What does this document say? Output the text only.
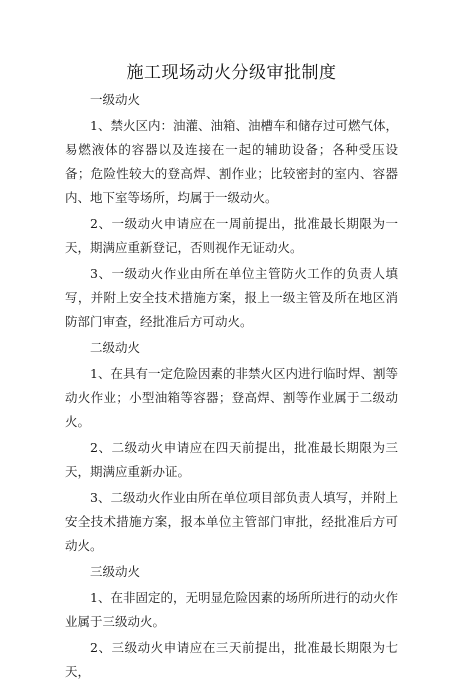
施工现场动火分级审批制度

一级动火

1、禁火区内：油灌、油箱、油槽车和储存过可燃气体，易燃液体的容器以及连接在一起的辅助设备；各种受压设备；危险性较大的登高焊、割作业；比较密封的室内、容器内、地下室等场所，均属于一级动火。

2、一级动火申请应在一周前提出，批准最长期限为一天，期满应重新登记，否则视作无证动火。

3、一级动火作业由所在单位主管防火工作的负责人填写，并附上安全技术措施方案，报上一级主管及所在地区消防部门审查，经批准后方可动火。

二级动火

1、在具有一定危险因素的非禁火区内进行临时焊、割等动火作业；小型油箱等容器；登高焊、割等作业属于二级动火。

2、二级动火申请应在四天前提出，批准最长期限为三天，期满应重新办证。

3、二级动火作业由所在单位项目部负责人填写，并附上安全技术措施方案，报本单位主管部门审批，经批准后方可动火。

三级动火

1、在非固定的，无明显危险因素的场所所进行的动火作业属于三级动火。

2、三级动火申请应在三天前提出，批准最长期限为七天，
